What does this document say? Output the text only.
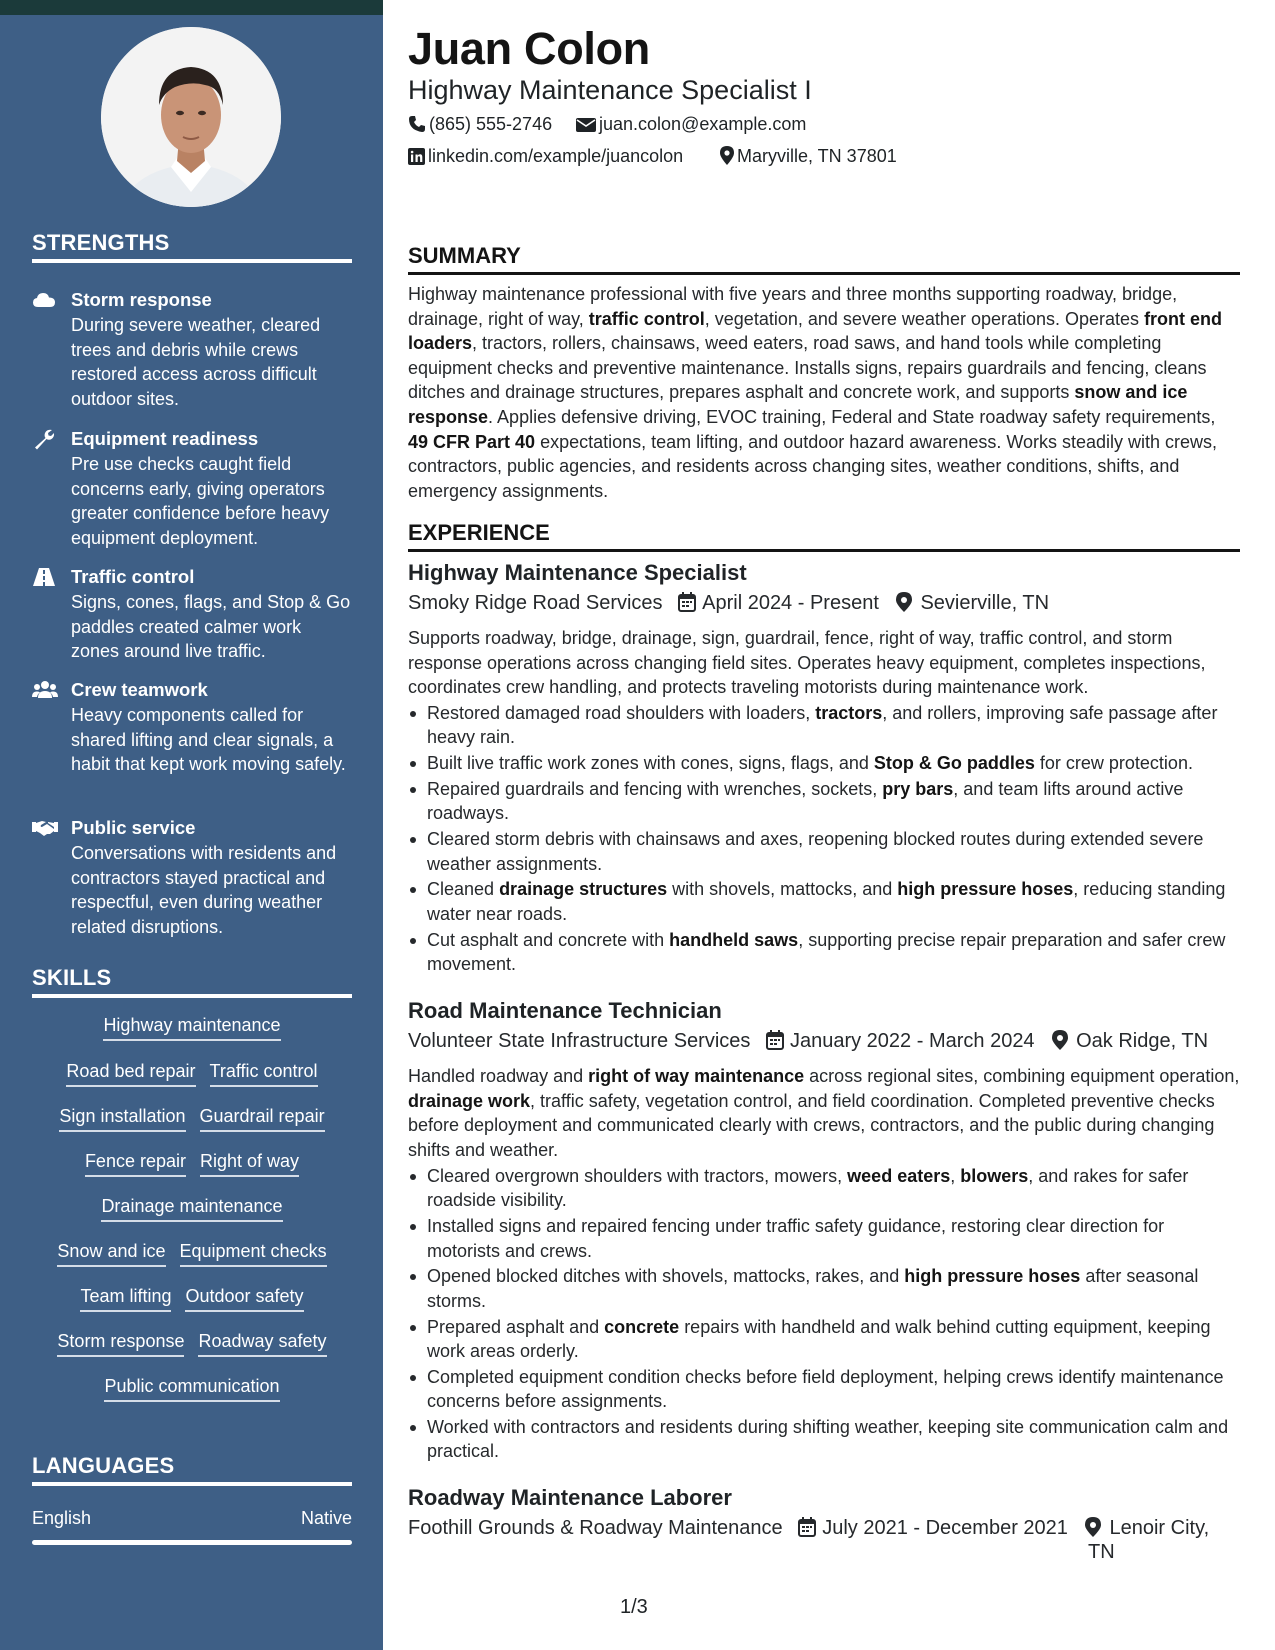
STRENGTHS
Storm response
During severe weather, cleared trees and debris while crews restored access across difficult outdoor sites.
Equipment readiness
Pre use checks caught field concerns early, giving operators greater confidence before heavy equipment deployment.
Traffic control
Signs, cones, flags, and Stop & Go paddles created calmer work zones around live traffic.
Crew teamwork
Heavy components called for shared lifting and clear signals, a habit that kept work moving safely.
Public service
Conversations with residents and contractors stayed practical and respectful, even during weather related disruptions.
SKILLS
Highway maintenance
Road bed repair Traffic control
Sign installation Guardrail repair
Fence repair Right of way
Drainage maintenance
Snow and ice Equipment checks
Team lifting Outdoor safety
Storm response Roadway safety
Public communication
LANGUAGES
English	Native
Juan Colon
Highway Maintenance Specialist I
(865) 555-2746	juan.colon@example.com
linkedin.com/example/juancolon	Maryville, TN 37801
SUMMARY
Highway maintenance professional with five years and three months supporting roadway, bridge, drainage, right of way, traffic control, vegetation, and severe weather operations. Operates front end loaders, tractors, rollers, chainsaws, weed eaters, road saws, and hand tools while completing equipment checks and preventive maintenance. Installs signs, repairs guardrails and fencing, cleans ditches and drainage structures, prepares asphalt and concrete work, and supports snow and ice response. Applies defensive driving, EVOC training, Federal and State roadway safety requirements, 49 CFR Part 40 expectations, team lifting, and outdoor hazard awareness. Works steadily with crews, contractors, public agencies, and residents across changing sites, weather conditions, shifts, and emergency assignments.
EXPERIENCE
Highway Maintenance Specialist
Smoky Ridge Road Services April 2024 - Present Sevierville, TN
Supports roadway, bridge, drainage, sign, guardrail, fence, right of way, traffic control, and storm response operations across changing field sites. Operates heavy equipment, completes inspections, coordinates crew handling, and protects traveling motorists during maintenance work.
Restored damaged road shoulders with loaders, tractors, and rollers, improving safe passage after heavy rain.
Built live traffic work zones with cones, signs, flags, and Stop & Go paddles for crew protection.
Repaired guardrails and fencing with wrenches, sockets, pry bars, and team lifts around active roadways.
Cleared storm debris with chainsaws and axes, reopening blocked routes during extended severe weather assignments.
Cleaned drainage structures with shovels, mattocks, and high pressure hoses, reducing standing water near roads.
Cut asphalt and concrete with handheld saws, supporting precise repair preparation and safer crew movement.
Road Maintenance Technician
Volunteer State Infrastructure Services January 2022 - March 2024 Oak Ridge, TN
Handled roadway and right of way maintenance across regional sites, combining equipment operation, drainage work, traffic safety, vegetation control, and field coordination. Completed preventive checks before deployment and communicated clearly with crews, contractors, and the public during changing shifts and weather.
Cleared overgrown shoulders with tractors, mowers, weed eaters, blowers, and rakes for safer roadside visibility.
Installed signs and repaired fencing under traffic safety guidance, restoring clear direction for motorists and crews.
Opened blocked ditches with shovels, mattocks, rakes, and high pressure hoses after seasonal storms.
Prepared asphalt and concrete repairs with handheld and walk behind cutting equipment, keeping work areas orderly.
Completed equipment condition checks before field deployment, helping crews identify maintenance concerns before assignments.
Worked with contractors and residents during shifting weather, keeping site communication calm and practical.
Roadway Maintenance Laborer
Foothill Grounds & Roadway Maintenance July 2021 - December 2021 Lenoir City,
TN
1/3
